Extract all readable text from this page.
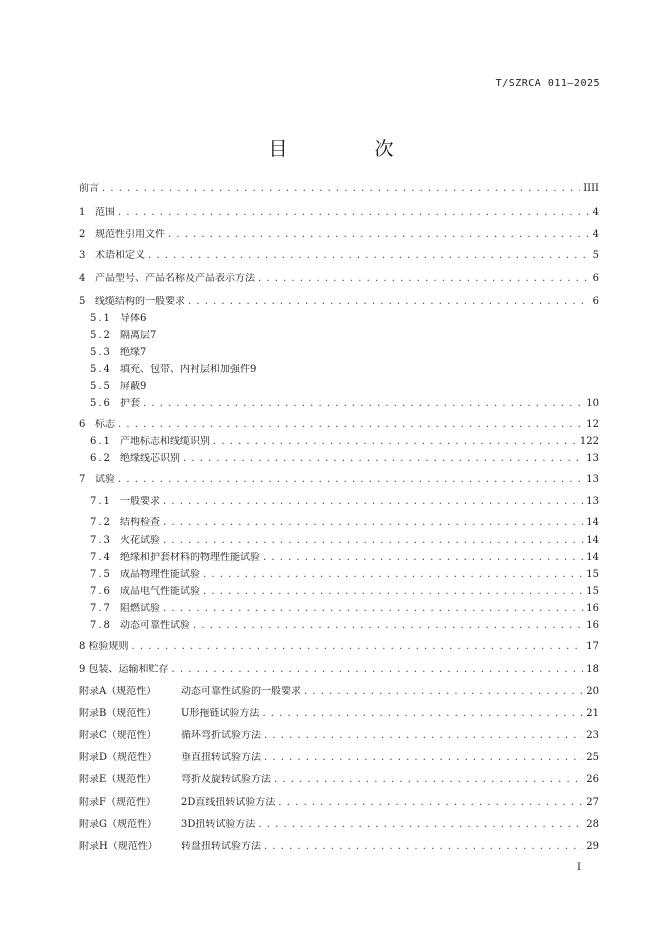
T/SZRCA 011—2025
目　次
前言 . . .	IIII
1 范围 . . .	4
2 规范性引用文件 . . .	4
3 术语和定义 . . .	5
4 产品型号、产品名称及产品表示方法 . . .	6
5 线缆结构的一般要求 . . .	6
5.1 导体6
5.2 隔离层7
5.3 绝缘7
5.4 填充、包带、内衬层和加强件9
5.5 屏蔽9
5.6 护套 . . .	10
6 标志 . . .	12
6.1 产地标志和线缆识别 . . .	122
6.2 绝缘线芯识别 . . .	13
7 试验 . . .	13
7.1 一般要求 . . .	13
7.2 结构检查 . . .	14
7.3 火花试验 . . .	14
7.4 绝缘和护套材料的物理性能试验 . . .	14
7.5 成品物理性能试验 . . .	15
7.6 成品电气性能试验 . . .	15
7.7 阻燃试验 . . .	16
7.8 动态可靠性试验 . . .	16
8 检验规则 . . .	17
9 包装、运输和贮存 . . .	18
附录A（规范性）	动态可靠性试验的一般要求 . . .	20
附录B（规范性）	U形拖链试验方法 . . .	21
附录C（规范性）	循环弯折试验方法 . . .	23
附录D（规范性）	垂直扭转试验方法 . . .	25
附录E（规范性）	弯折及旋转试验方法 . . .	26
附录F（规范性）	2D直线扭转试验方法 . . .	27
附录G（规范性）	3D扭转试验方法 . . .	28
附录H（规范性）	转盘扭转试验方法 . . .	29
I
